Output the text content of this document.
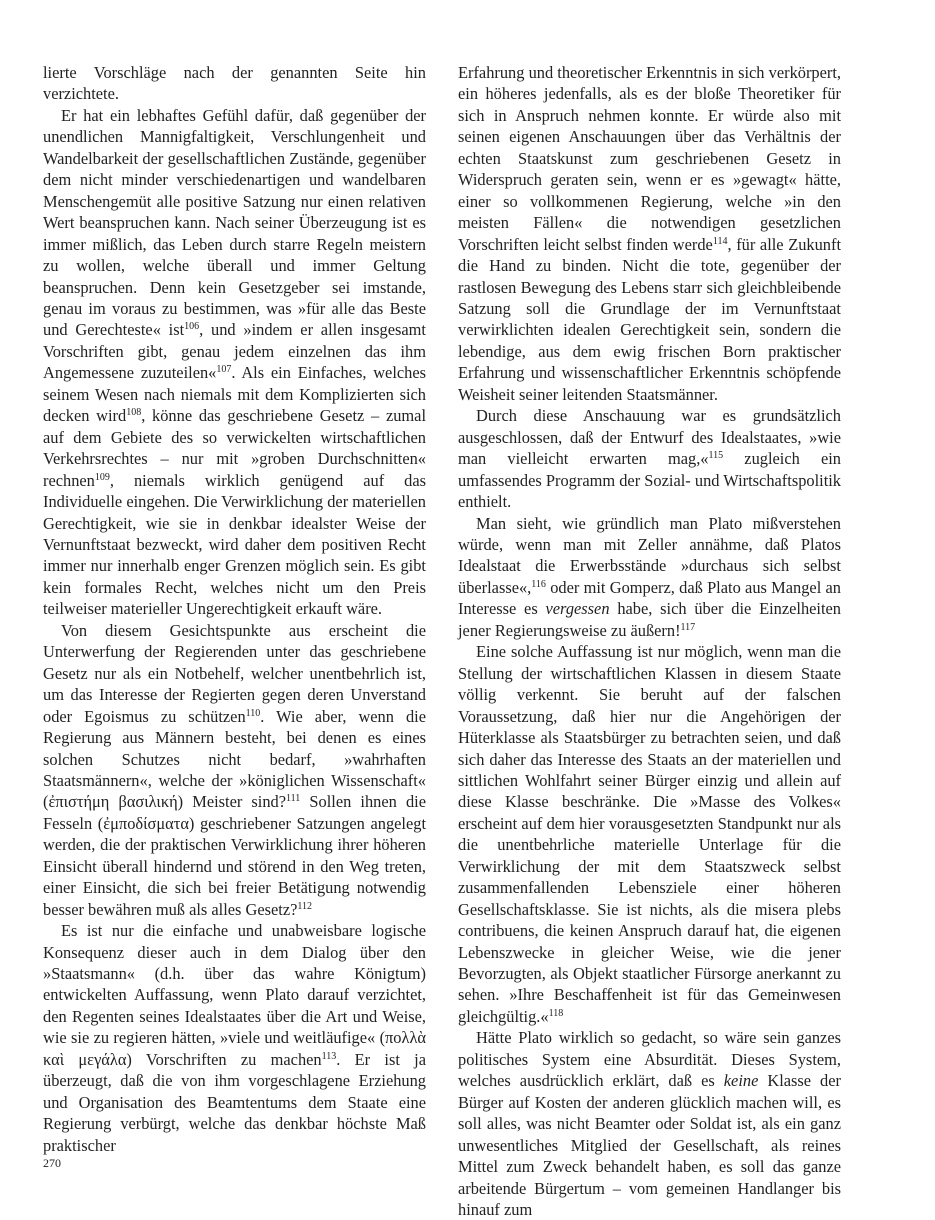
lierte Vorschläge nach der genannten Seite hin verzichtete.

Er hat ein lebhaftes Gefühl dafür, daß gegenüber der unendlichen Mannigfaltigkeit, Verschlungenheit und Wandelbarkeit der gesellschaftlichen Zustände, gegenüber dem nicht minder verschiedenartigen und wandelbaren Menschengemüt alle positive Satzung nur einen relativen Wert beanspruchen kann. Nach seiner Überzeugung ist es immer mißlich, das Leben durch starre Regeln meistern zu wollen, welche überall und immer Geltung beanspruchen. Denn kein Gesetzgeber sei imstande, genau im voraus zu bestimmen, was »für alle das Beste und Gerechteste« ist$^{106}$, und »indem er allen insgesamt Vorschriften gibt, genau jedem einzelnen das ihm Angemessene zuzuteilen«$^{107}$. Als ein Einfaches, welches seinem Wesen nach niemals mit dem Komplizierten sich decken wird$^{108}$, könne das geschriebene Gesetz – zumal auf dem Gebiete des so verwickelten wirtschaftlichen Verkehrsrechtes – nur mit »groben Durchschnitten« rechnen$^{109}$, niemals wirklich genügend auf das Individuelle eingehen. Die Verwirklichung der materiellen Gerechtigkeit, wie sie in denkbar idealster Weise der Vernunftstaat bezweckt, wird daher dem positiven Recht immer nur innerhalb enger Grenzen möglich sein. Es gibt kein formales Recht, welches nicht um den Preis teilweiser materieller Ungerechtigkeit erkauft wäre.

Von diesem Gesichtspunkte aus erscheint die Unterwerfung der Regierenden unter das geschriebene Gesetz nur als ein Notbehelf, welcher unentbehrlich ist, um das Interesse der Regierten gegen deren Unverstand oder Egoismus zu schützen$^{110}$. Wie aber, wenn die Regierung aus Männern besteht, bei denen es eines solchen Schutzes nicht bedarf, »wahrhaften Staatsmännern«, welche der »königlichen Wissenschaft« (ἐπιστήμη βασιλική) Meister sind?$^{111}$ Sollen ihnen die Fesseln (ἐμποδίσματα) geschriebener Satzungen angelegt werden, die der praktischen Verwirklichung ihrer höheren Einsicht überall hindernd und störend in den Weg treten, einer Einsicht, die sich bei freier Betätigung notwendig besser bewähren muß als alles Gesetz?$^{112}$

Es ist nur die einfache und unabweisbare logische Konsequenz dieser auch in dem Dialog über den »Staatsmann« (d.h. über das wahre Königtum) entwickelten Auffassung, wenn Plato darauf verzichtet, den Regenten seines Idealstaates über die Art und Weise, wie sie zu regieren hätten, »viele und weitläufige« (πολλὰ καὶ μεγάλα) Vorschriften zu machen$^{113}$. Er ist ja überzeugt, daß die von ihm vorgeschlagene Erziehung und Organisation des Beamtentums dem Staate eine Regierung verbürgt, welche das denkbar höchste Maß praktischer

Erfahrung und theoretischer Erkenntnis in sich verkörpert, ein höheres jedenfalls, als es der bloße Theoretiker für sich in Anspruch nehmen konnte. Er würde also mit seinen eigenen Anschauungen über das Verhältnis der echten Staatskunst zum geschriebenen Gesetz in Widerspruch geraten sein, wenn er es »gewagt« hätte, einer so vollkommenen Regierung, welche »in den meisten Fällen« die notwendigen gesetzlichen Vorschriften leicht selbst finden werde$^{114}$, für alle Zukunft die Hand zu binden. Nicht die tote, gegenüber der rastlosen Bewegung des Lebens starr sich gleichbleibende Satzung soll die Grundlage der im Vernunftstaat verwirklichten idealen Gerechtigkeit sein, sondern die lebendige, aus dem ewig frischen Born praktischer Erfahrung und wissenschaftlicher Erkenntnis schöpfende Weisheit seiner leitenden Staatsmänner.

Durch diese Anschauung war es grundsätzlich ausgeschlossen, daß der Entwurf des Idealstaates, »wie man vielleicht erwarten mag,«$^{115}$ zugleich ein umfassendes Programm der Sozial- und Wirtschaftspolitik enthielt.

Man sieht, wie gründlich man Plato mißverstehen würde, wenn man mit Zeller annähme, daß Platos Idealstaat die Erwerbsstände »durchaus sich selbst überlasse«,$^{116}$ oder mit Gomperz, daß Plato aus Mangel an Interesse es vergessen habe, sich über die Einzelheiten jener Regierungsweise zu äußern!$^{117}$

Eine solche Auffassung ist nur möglich, wenn man die Stellung der wirtschaftlichen Klassen in diesem Staate völlig verkennt. Sie beruht auf der falschen Voraussetzung, daß hier nur die Angehörigen der Hüterklasse als Staatsbürger zu betrachten seien, und daß sich daher das Interesse des Staats an der materiellen und sittlichen Wohlfahrt seiner Bürger einzig und allein auf diese Klasse beschränke. Die »Masse des Volkes« erscheint auf dem hier vorausgesetzten Standpunkt nur als die unentbehrliche materielle Unterlage für die Verwirklichung der mit dem Staatszweck selbst zusammenfallenden Lebensziele einer höheren Gesellschaftsklasse. Sie ist nichts, als die misera plebs contribuens, die keinen Anspruch darauf hat, die eigenen Lebenszwecke in gleicher Weise, wie die jener Bevorzugten, als Objekt staatlicher Fürsorge anerkannt zu sehen. »Ihre Beschaffenheit ist für das Gemeinwesen gleichgültig.«$^{118}$

Hätte Plato wirklich so gedacht, so wäre sein ganzes politisches System eine Absurdität. Dieses System, welches ausdrücklich erklärt, daß es keine Klasse der Bürger auf Kosten der anderen glücklich machen will, es soll alles, was nicht Beamter oder Soldat ist, als ein ganz unwesentliches Mitglied der Gesellschaft, als reines Mittel zum Zweck behandelt haben, es soll das ganze arbeitende Bürgertum – vom gemeinen Handlanger bis hinauf zum

270
